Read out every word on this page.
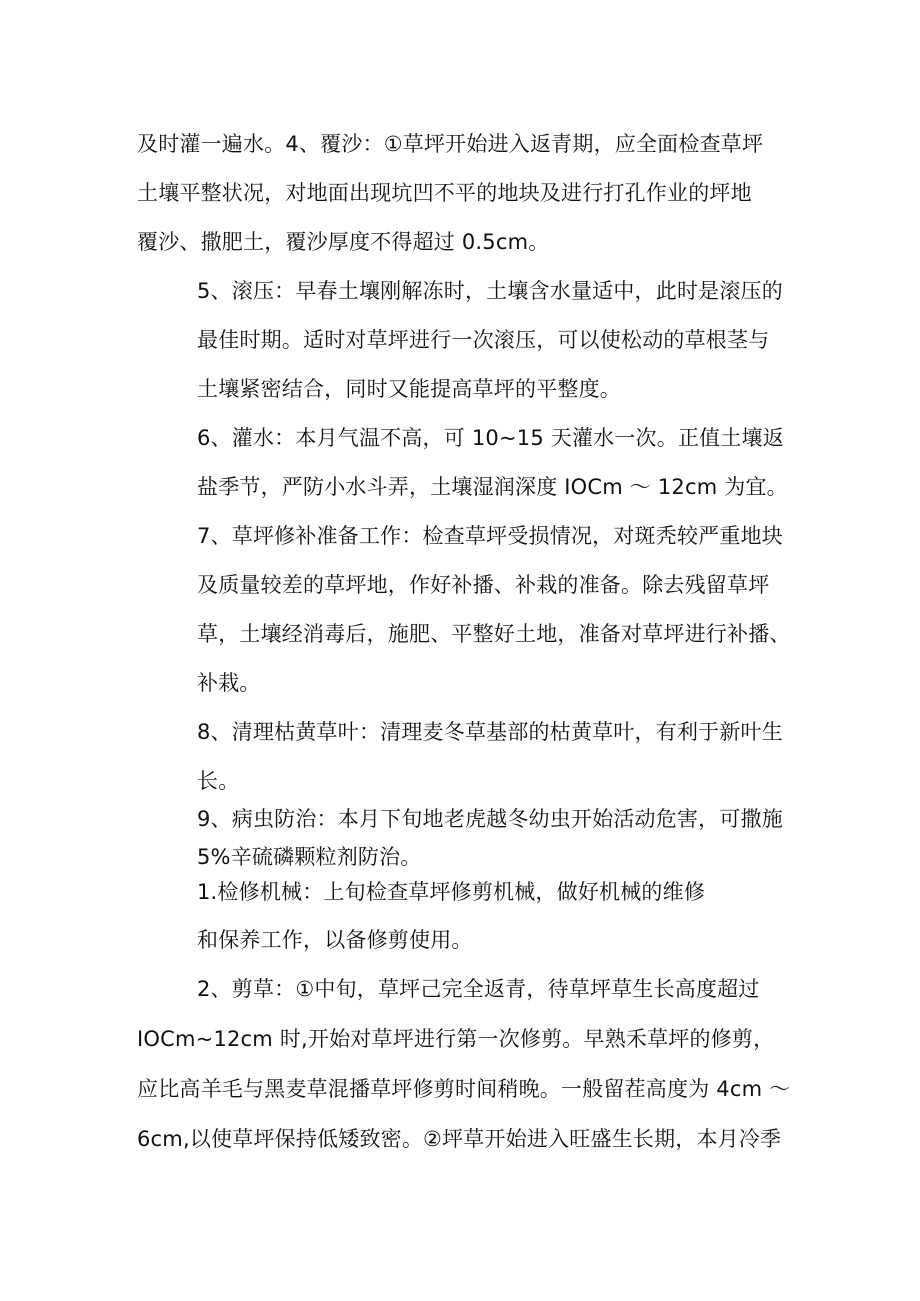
及时灌一遍水。4、覆沙：①草坪开始进入返青期，应全面检查草坪
土壤平整状况，对地面出现坑凹不平的地块及进行打孔作业的坪地
覆沙、撒肥土，覆沙厚度不得超过 0.5cm。
5、滚压：早春土壤刚解冻时，土壤含水量适中，此时是滚压的
最佳时期。适时对草坪进行一次滚压，可以使松动的草根茎与
土壤紧密结合，同时又能提高草坪的平整度。
6、灌水：本月气温不高，可 10~15 天灌水一次。正值土壤返
盐季节，严防小水斗弄，土壤湿润深度 IOCm ～ 12cm 为宜。
7、草坪修补准备工作：检查草坪受损情况，对斑秃较严重地块
及质量较差的草坪地，作好补播、补栽的准备。除去残留草坪
草，土壤经消毒后，施肥、平整好土地，准备对草坪进行补播、
补栽。
8、清理枯黄草叶：清理麦冬草基部的枯黄草叶，有利于新叶生
长。
9、病虫防治：本月下旬地老虎越冬幼虫开始活动危害，可撒施
5%辛硫磷颗粒剂防治。
1.检修机械：上旬检查草坪修剪机械，做好机械的维修
和保养工作，以备修剪使用。
2、剪草：①中旬，草坪己完全返青，待草坪草生长高度超过
IOCm~12cm 时,开始对草坪进行第一次修剪。早熟禾草坪的修剪，
应比高羊毛与黑麦草混播草坪修剪时间稍晚。一般留茬高度为 4cm ～
6cm,以使草坪保持低矮致密。②坪草开始进入旺盛生长期，本月冷季
